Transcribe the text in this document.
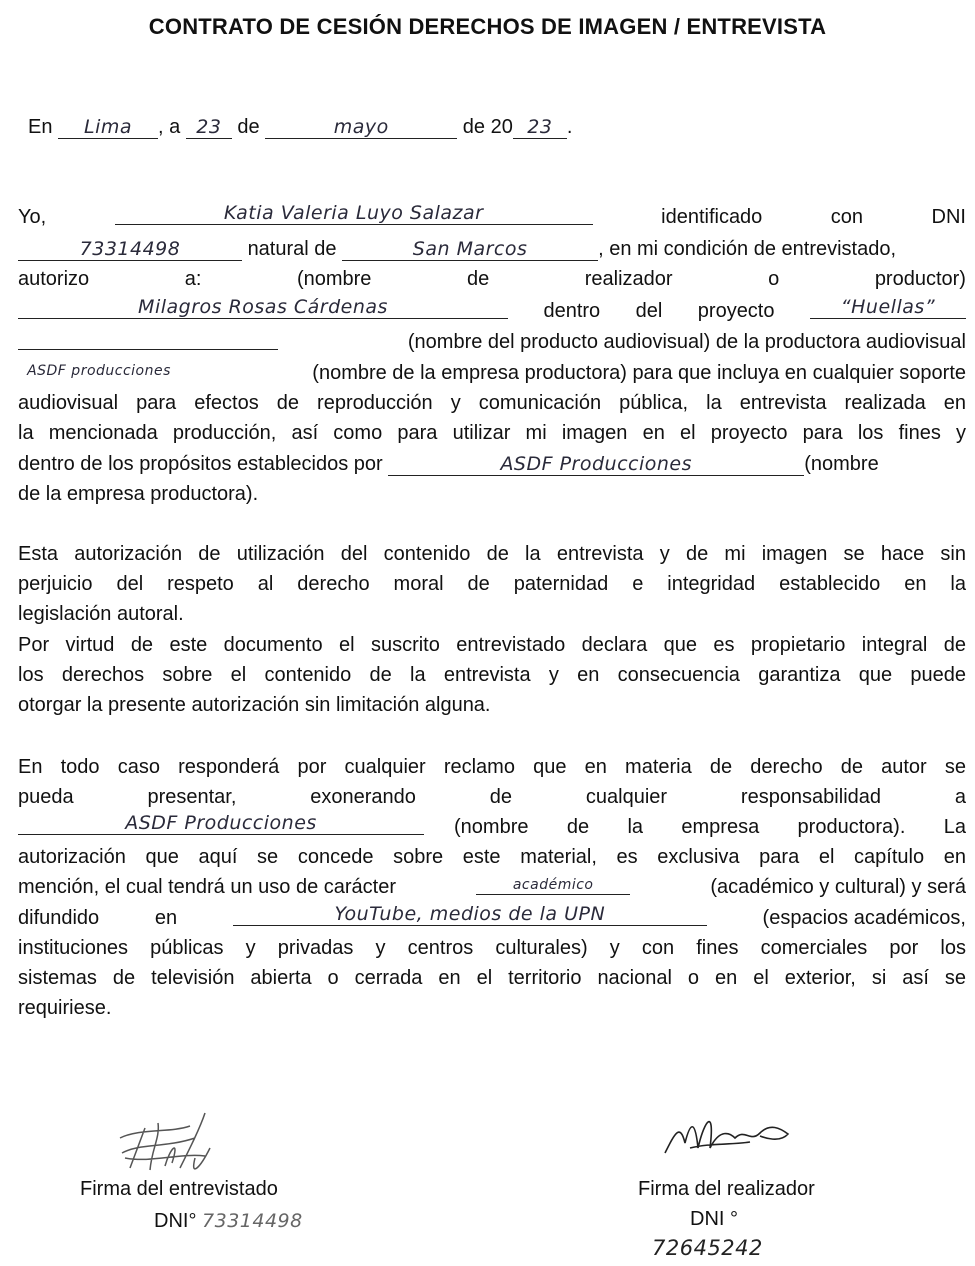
CONTRATO DE CESIÓN DERECHOS DE IMAGEN / ENTREVISTA
En Lima , a 23 de	mayo	de 20 23 .
Yo,	Katia Valeria Luyo Salazar	identificado	con	DNI
73314498	natural de	San Marcos	, en mi condición de entrevistado,
autorizo	a:	(nombre	de	realizador	o	productor)
Milagros Rosas Cárdenas	dentro del proyecto	“Huellas”
(nombre del producto audiovisual) de la productora audiovisual
ASDF producciones	(nombre de la empresa productora) para que incluya en cualquier soporte
audiovisual para efectos de reproducción y comunicación pública, la entrevista realizada en
la mencionada producción, así como para utilizar mi imagen en el proyecto para los fines y
dentro de los propósitos establecidos por	ASDF Producciones	(nombre
de la empresa productora).
Esta autorización de utilización del contenido de la entrevista y de mi imagen se hace sin
perjuicio del respeto al derecho moral de paternidad e integridad establecido en la
legislación autoral.
Por virtud de este documento el suscrito entrevistado declara que es propietario integral de
los derechos sobre el contenido de la entrevista y en consecuencia garantiza que puede
otorgar la presente autorización sin limitación alguna.
En todo caso responderá por cualquier reclamo que en materia de derecho de autor se
pueda presentar, exonerando de cualquier responsabilidad a
ASDF Producciones	(nombre de la empresa productora). La
autorización que aquí se concede sobre este material, es exclusiva para el capítulo en
mención, el cual tendrá un uso de carácter	académico	(académico y cultural) y será
difundido	en	YouTube, medios de la UPN	(espacios académicos,
instituciones públicas y privadas y centros culturales) y con fines comerciales por los
sistemas de televisión abierta o cerrada en el territorio nacional o en el exterior, si así se
requiriese.
Firma del entrevistado
DNI° 73314498
Firma del realizador
DNI °
72645242
